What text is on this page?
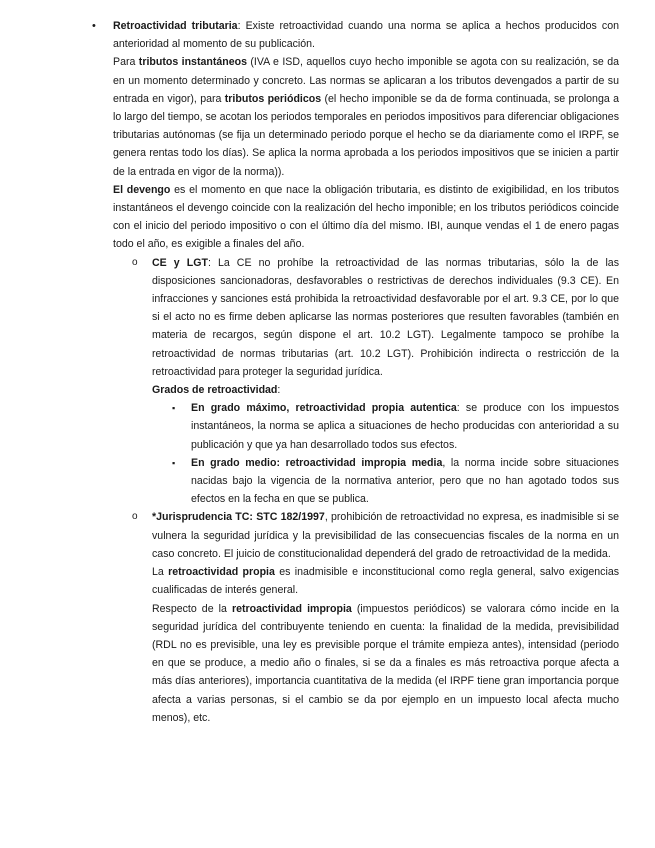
• Retroactividad tributaria: Existe retroactividad cuando una norma se aplica a hechos producidos con anterioridad al momento de su publicación.

Para tributos instantáneos (IVA e ISD, aquellos cuyo hecho imponible se agota con su realización, se da en un momento determinado y concreto. Las normas se aplicaran a los tributos devengados a partir de su entrada en vigor), para tributos periódicos (el hecho imponible se da de forma continuada, se prolonga a lo largo del tiempo, se acotan los periodos temporales en periodos impositivos para diferenciar obligaciones tributarias autónomas (se fija un determinado periodo porque el hecho se da diariamente como el IRPF, se genera rentas todo los días). Se aplica la norma aprobada a los periodos impositivos que se inicien a partir de la entrada en vigor de la norma)).

El devengo es el momento en que nace la obligación tributaria, es distinto de exigibilidad, en los tributos instantáneos el devengo coincide con la realización del hecho imponible; en los tributos periódicos coincide con el inicio del periodo impositivo o con el último día del mismo. IBI, aunque vendas el 1 de enero pagas todo el año, es exigible a finales del año.

o CE y LGT: La CE no prohíbe la retroactividad de las normas tributarias, sólo la de las disposiciones sancionadoras, desfavorables o restrictivas de derechos individuales (9.3 CE). En infracciones y sanciones está prohibida la retroactividad desfavorable por el art. 9.3 CE, por lo que si el acto no es firme deben aplicarse las normas posteriores que resulten favorables (también en materia de recargos, según dispone el art. 10.2 LGT). Legalmente tampoco se prohíbe la retroactividad de normas tributarias (art. 10.2 LGT). Prohibición indirecta o restricción de la retroactividad para proteger la seguridad jurídica.

Grados de retroactividad:

▪ En grado máximo, retroactividad propia autentica: se produce con los impuestos instantáneos, la norma se aplica a situaciones de hecho producidas con anterioridad a su publicación y que ya han desarrollado todos sus efectos.

▪ En grado medio: retroactividad impropia media, la norma incide sobre situaciones nacidas bajo la vigencia de la normativa anterior, pero que no han agotado todos sus efectos en la fecha en que se publica.

o *Jurisprudencia TC: STC 182/1997, prohibición de retroactividad no expresa, es inadmisible si se vulnera la seguridad jurídica y la previsibilidad de las consecuencias fiscales de la norma en un caso concreto. El juicio de constitucionalidad dependerá del grado de retroactividad de la medida.

La retroactividad propia es inadmisible e inconstitucional como regla general, salvo exigencias cualificadas de interés general.

Respecto de la retroactividad impropia (impuestos periódicos) se valorara cómo incide en la seguridad jurídica del contribuyente teniendo en cuenta: la finalidad de la medida, previsibilidad (RDL no es previsible, una ley es previsible porque el trámite empieza antes), intensidad (periodo en que se produce, a medio año o finales, si se da a finales es más retroactiva porque afecta a más días anteriores), importancia cuantitativa de la medida (el IRPF tiene gran importancia porque afecta a varias personas, si el cambio se da por ejemplo en un impuesto local afecta mucho menos), etc.
